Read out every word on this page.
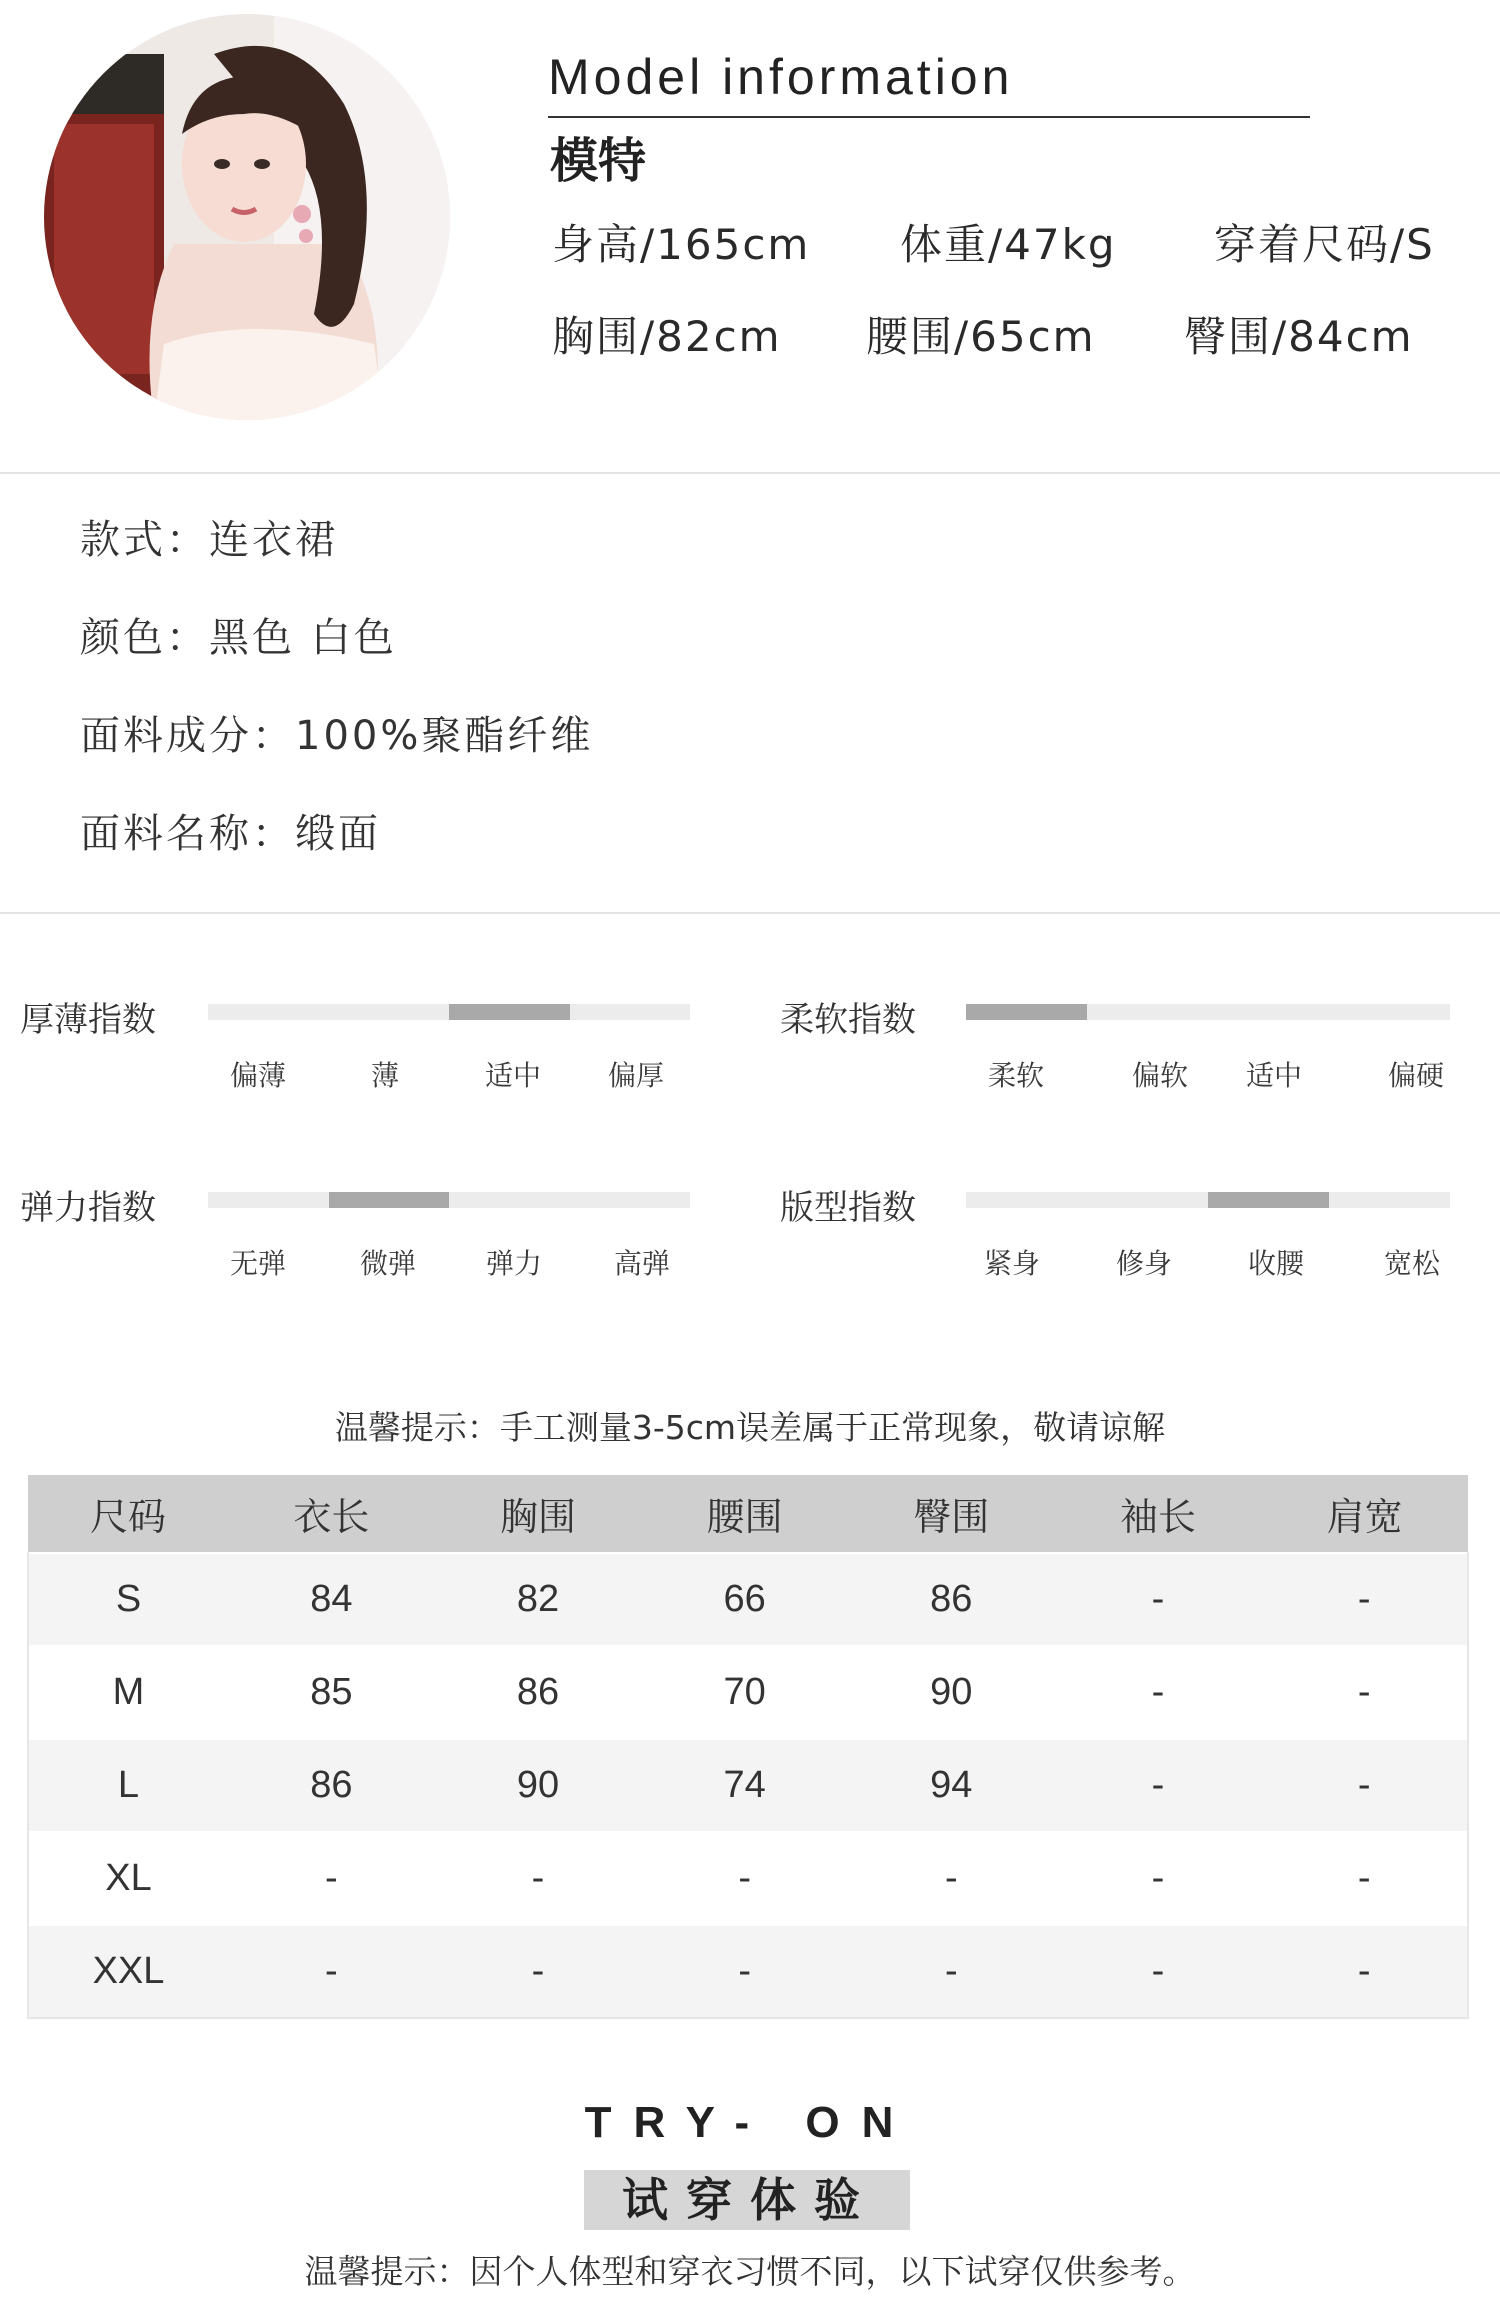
Model information
模特
身高/165cm 体重/47kg 穿着尺码/S
胸围/82cm 腰围/65cm 臀围/84cm
款式：连衣裙
颜色：黑色 白色
面料成分：100%聚酯纤维
面料名称：缎面
厚薄指数
偏薄	薄	适中 偏厚
柔软指数
柔软	偏软 适中	偏硬
弹力指数
无弹	微弹 弹力	高弹
版型指数
紧身	修身	收腰	宽松
温馨提示：手工测量3-5cm误差属于正常现象，敬请谅解
尺码	衣长	胸围	腰围	臀围	袖长	肩宽
S	84	82	66	86	-	-
M	85	86	70	90	-	-
L	86	90	74	94	-	-
XL	-	-	-	-	-	-
XXL	-	-	-	-	-	-
TRY- ON
试穿体验
温馨提示：因个人体型和穿衣习惯不同，以下试穿仅供参考。
